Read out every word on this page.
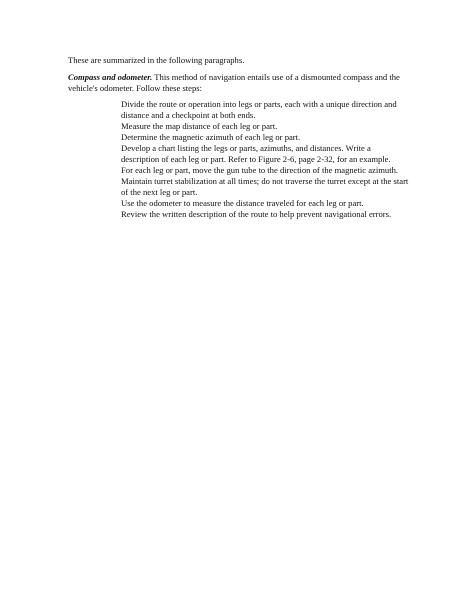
These are summarized in the following paragraphs.

Compass and odometer. This method of navigation entails use of a dismounted compass and the vehicle's odometer. Follow these steps:

Divide the route or operation into legs or parts, each with a unique direction and distance and a checkpoint at both ends.
Measure the map distance of each leg or part.
Determine the magnetic azimuth of each leg or part.
Develop a chart listing the legs or parts, azimuths, and distances. Write a description of each leg or part. Refer to Figure 2-6, page 2-32, for an example.
For each leg or part, move the gun tube to the direction of the magnetic azimuth. Maintain turret stabilization at all times; do not traverse the turret except at the start of the next leg or part.
Use the odometer to measure the distance traveled for each leg or part.
Review the written description of the route to help prevent navigational errors.
